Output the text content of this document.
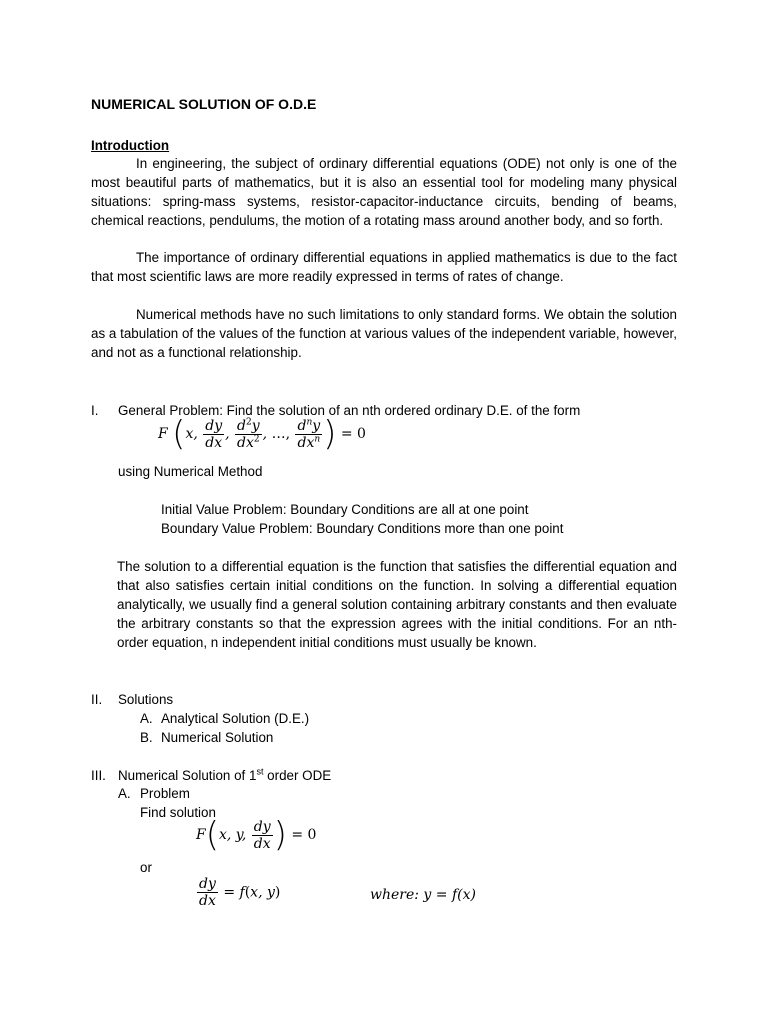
NUMERICAL SOLUTION OF O.D.E
Introduction
In engineering, the subject of ordinary differential equations (ODE) not only is one of the most beautiful parts of mathematics, but it is also an essential tool for modeling many physical situations: spring-mass systems, resistor-capacitor-inductance circuits, bending of beams, chemical reactions, pendulums, the motion of a rotating mass around another body, and so forth.
The importance of ordinary differential equations in applied mathematics is due to the fact that most scientific laws are more readily expressed in terms of rates of change.
Numerical methods have no such limitations to only standard forms. We obtain the solution as a tabulation of the values of the function at various values of the independent variable, however, and not as a functional relationship.
I. General Problem: Find the solution of an nth ordered ordinary D.E. of the form
F (x, $\frac{dy}{dx}$ , $\frac{d^2y}{dx^2}$ , …, $\frac{d^ny}{dx^n}$ ) = 0
using Numerical Method
Initial Value Problem: Boundary Conditions are all at one point
Boundary Value Problem: Boundary Conditions more than one point
The solution to a differential equation is the function that satisfies the differential equation and that also satisfies certain initial conditions on the function. In solving a differential equation analytically, we usually find a general solution containing arbitrary constants and then evaluate the arbitrary constants so that the expression agrees with the initial conditions. For an nth-order equation, n independent initial conditions must usually be known.
II. Solutions
A. Analytical Solution (D.E.)
B. Numerical Solution
III. Numerical Solution of 1st order ODE
A. Problem
Find solution
F(x, y, $\frac{dy}{dx}$ ) = 0
or
$\frac{dy}{dx} = f(x$, y)	where: y = f(x)
